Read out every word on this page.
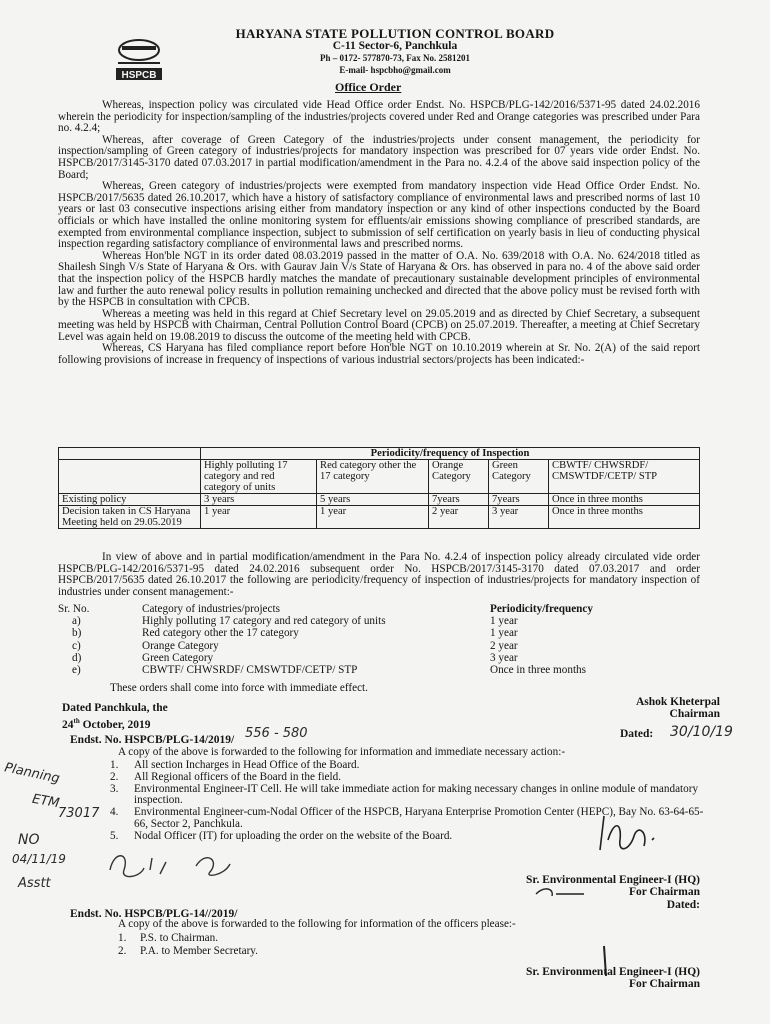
HSPCB
HARYANA STATE POLLUTION CONTROL BOARD
C-11 Sector-6, Panchkula
Ph – 0172- 577870-73, Fax No. 2581201
E-mail- hspcbho@gmail.com
Office Order

Whereas, inspection policy was circulated vide Head Office order Endst. No. HSPCB/PLG-142/2016/5371-95 dated 24.02.2016 wherein the periodicity for inspection/sampling of the industries/projects covered under Red and Orange categories was prescribed under Para no. 4.2.4;

Whereas, after coverage of Green Category of the industries/projects under consent management, the periodicity for inspection/sampling of Green category of industries/projects for mandatory inspection was prescribed for 07 years vide order Endst. No. HSPCB/2017/3145-3170 dated 07.03.2017 in partial modification/amendment in the Para no. 4.2.4 of the above said inspection policy of the Board;

Whereas, Green category of industries/projects were exempted from mandatory inspection vide Head Office Order Endst. No. HSPCB/2017/5635 dated 26.10.2017, which have a history of satisfactory compliance of environmental laws and prescribed norms of last 10 years or last 03 consecutive inspections arising either from mandatory inspection or any kind of other inspections conducted by the Board officials or which have installed the online monitoring system for effluents/air emissions showing compliance of prescribed standards, are exempted from environmental compliance inspection, subject to submission of self certification on yearly basis in lieu of conducting physical inspection regarding satisfactory compliance of environmental laws and prescribed norms.

Whereas Hon'ble NGT in its order dated 08.03.2019 passed in the matter of O.A. No. 639/2018 with O.A. No. 624/2018 titled as Shailesh Singh V/s State of Haryana & Ors. with Gaurav Jain V/s State of Haryana & Ors. has observed in para no. 4 of the above said order that the inspection policy of the HSPCB hardly matches the mandate of precautionary sustainable development principles of environmental law and further the auto renewal policy results in pollution remaining unchecked and directed that the above policy must be revised forth with by the HSPCB in consultation with CPCB.

Whereas a meeting was held in this regard at Chief Secretary level on 29.05.2019 and as directed by Chief Secretary, a subsequent meeting was held by HSPCB with Chairman, Central Pollution Control Board (CPCB) on 25.07.2019. Thereafter, a meeting at Chief Secretary Level was again held on 19.08.2019 to discuss the outcome of the meeting held with CPCB.

Whereas, CS Haryana has filed compliance report before Hon'ble NGT on 10.10.2019 wherein at Sr. No. 2(A) of the said report following provisions of increase in frequency of inspections of various industrial sectors/projects has been indicated:-

	Periodicity/frequency of Inspection				
	Highly polluting 17 category and red category of units	Red category other the 17 category	Orange Category	Green Category	CBWTF/ CHWSRDF/ CMSWTDF/CETP/ STP
Existing policy	3 years	5 years	7years	7years	Once in three months
Decision taken in CS Haryana Meeting held on 29.05.2019	1 year	1 year	2 year	3 year	Once in three months

In view of above and in partial modification/amendment in the Para No. 4.2.4 of inspection policy already circulated vide order HSPCB/PLG-142/2016/5371-95 dated 24.02.2016 subsequent order No. HSPCB/2017/3145-3170 dated 07.03.2017 and order HSPCB/2017/5635 dated 26.10.2017 the following are periodicity/frequency of inspection of industries/projects for mandatory inspection of industries under consent management:-

Sr. No.	Category of industries/projects	Periodicity/frequency
a)	Highly polluting 17 category and red category of units	1 year
b)	Red category other the 17 category	1 year
c)	Orange Category	2 year
d)	Green Category	3 year
e)	CBWTF/ CHWSRDF/ CMSWTDF/CETP/ STP	Once in three months
These orders shall come into force with immediate effect.
Ashok Kheterpal
Chairman
Dated Panchkula, the
24th October, 2019
Endst. No. HSPCB/PLG-14/2019/ 556 - 580	Dated: 30/10/19
A copy of the above is forwarded to the following for information and immediate necessary action:-
1.	All section Incharges in Head Office of the Board.
2.	All Regional officers of the Board in the field.
3.	Environmental Engineer-IT Cell. He will take immediate action for making necessary changes in online module of mandatory inspection.
4.	Environmental Engineer-cum-Nodal Officer of the HSPCB, Haryana Enterprise Promotion Center (HEPC), Bay No. 63-64-65-66, Sector 2, Panchkula.
5.	Nodal Officer (IT) for uploading the order on the website of the Board.
Planning
ETM
73017
NO
04/11/19
Asstt	Sr. Environmental Engineer-I (HQ)
For Chairman
Dated:
Endst. No. HSPCB/PLG-14//2019/
A copy of the above is forwarded to the following for information of the officers please:-
1. P.S. to Chairman.
2. P.A. to Member Secretary.
Sr. Environmental Engineer-I (HQ)
For Chairman
